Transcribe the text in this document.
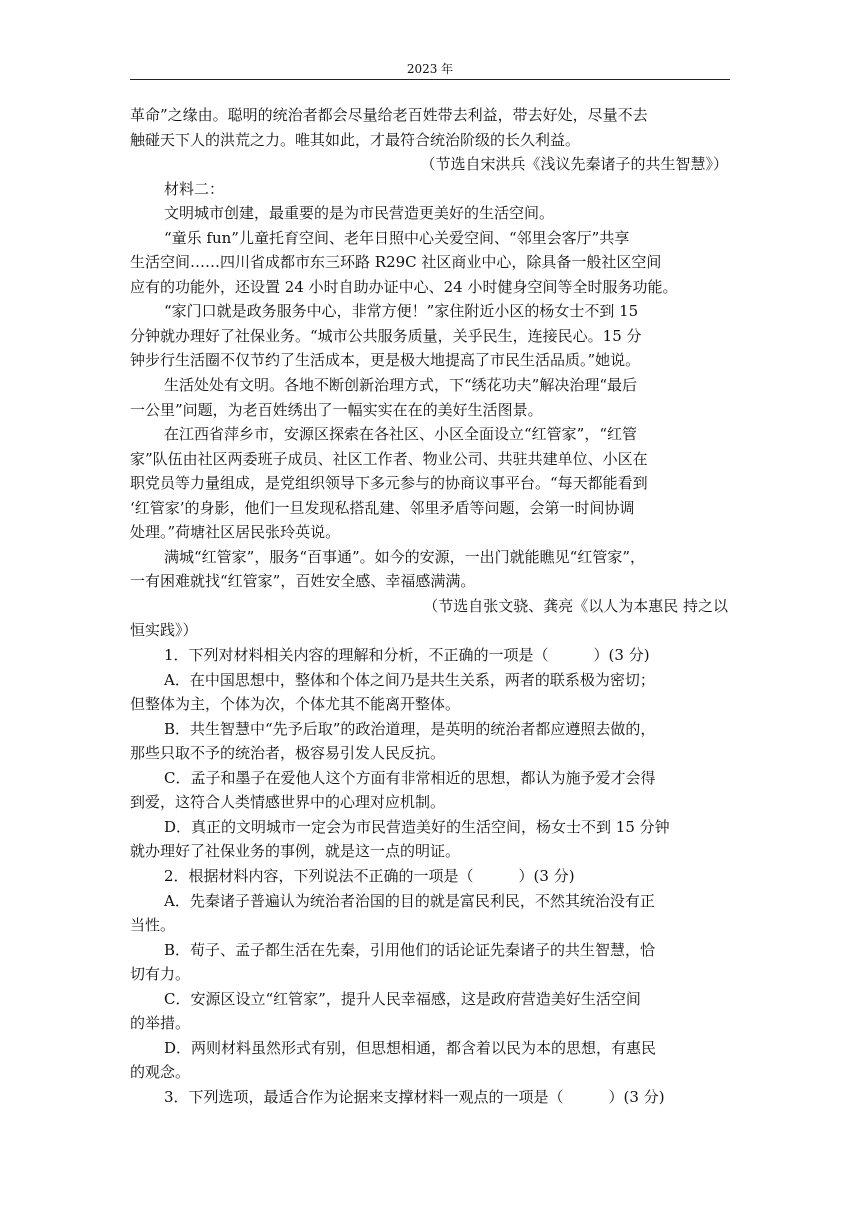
2023 年
革命”之缘由。聪明的统治者都会尽量给老百姓带去利益，带去好处，尽量不去
触碰天下人的洪荒之力。唯其如此，才最符合统治阶级的长久利益。
（节选自宋洪兵《浅议先秦诸子的共生智慧》）
材料二：
文明城市创建，最重要的是为市民营造更美好的生活空间。
“童乐 fun”儿童托育空间、老年日照中心关爱空间、“邻里会客厅”共享
生活空间……四川省成都市东三环路 R29C 社区商业中心，除具备一般社区空间
应有的功能外，还设置 24 小时自助办证中心、24 小时健身空间等全时服务功能。
“家门口就是政务服务中心，非常方便！”家住附近小区的杨女士不到 15
分钟就办理好了社保业务。“城市公共服务质量，关乎民生，连接民心。15 分
钟步行生活圈不仅节约了生活成本，更是极大地提高了市民生活品质。”她说。
生活处处有文明。各地不断创新治理方式，下“绣花功夫”解决治理“最后
一公里”问题，为老百姓绣出了一幅实实在在的美好生活图景。
在江西省萍乡市，安源区探索在各社区、小区全面设立“红管家”，“红管
家”队伍由社区两委班子成员、社区工作者、物业公司、共驻共建单位、小区在
职党员等力量组成，是党组织领导下多元参与的协商议事平台。“每天都能看到
‘红管家’的身影，他们一旦发现私搭乱建、邻里矛盾等问题，会第一时间协调
处理。”荷塘社区居民张玲英说。
满城“红管家”，服务“百事通”。如今的安源，一出门就能瞧见“红管家”，
一有困难就找“红管家”，百姓安全感、幸福感满满。
（节选自张文骁、龚亮《以人为本惠民 持之以
恒实践》）
1．下列对材料相关内容的理解和分析，不正确的一项是（　　　）(3 分)
A．在中国思想中，整体和个体之间乃是共生关系，两者的联系极为密切；
但整体为主，个体为次，个体尤其不能离开整体。
B．共生智慧中“先予后取”的政治道理，是英明的统治者都应遵照去做的，
那些只取不予的统治者，极容易引发人民反抗。
C．孟子和墨子在爱他人这个方面有非常相近的思想，都认为施予爱才会得
到爱，这符合人类情感世界中的心理对应机制。
D．真正的文明城市一定会为市民营造美好的生活空间，杨女士不到 15 分钟
就办理好了社保业务的事例，就是这一点的明证。
2．根据材料内容，下列说法不正确的一项是（　　　）(3 分)
A．先秦诸子普遍认为统治者治国的目的就是富民利民，不然其统治没有正
当性。
B．荀子、孟子都生活在先秦，引用他们的话论证先秦诸子的共生智慧，恰
切有力。
C．安源区设立“红管家”，提升人民幸福感，这是政府营造美好生活空间
的举措。
D．两则材料虽然形式有别，但思想相通，都含着以民为本的思想，有惠民
的观念。
3．下列选项，最适合作为论据来支撑材料一观点的一项是（　　　）(3 分)
